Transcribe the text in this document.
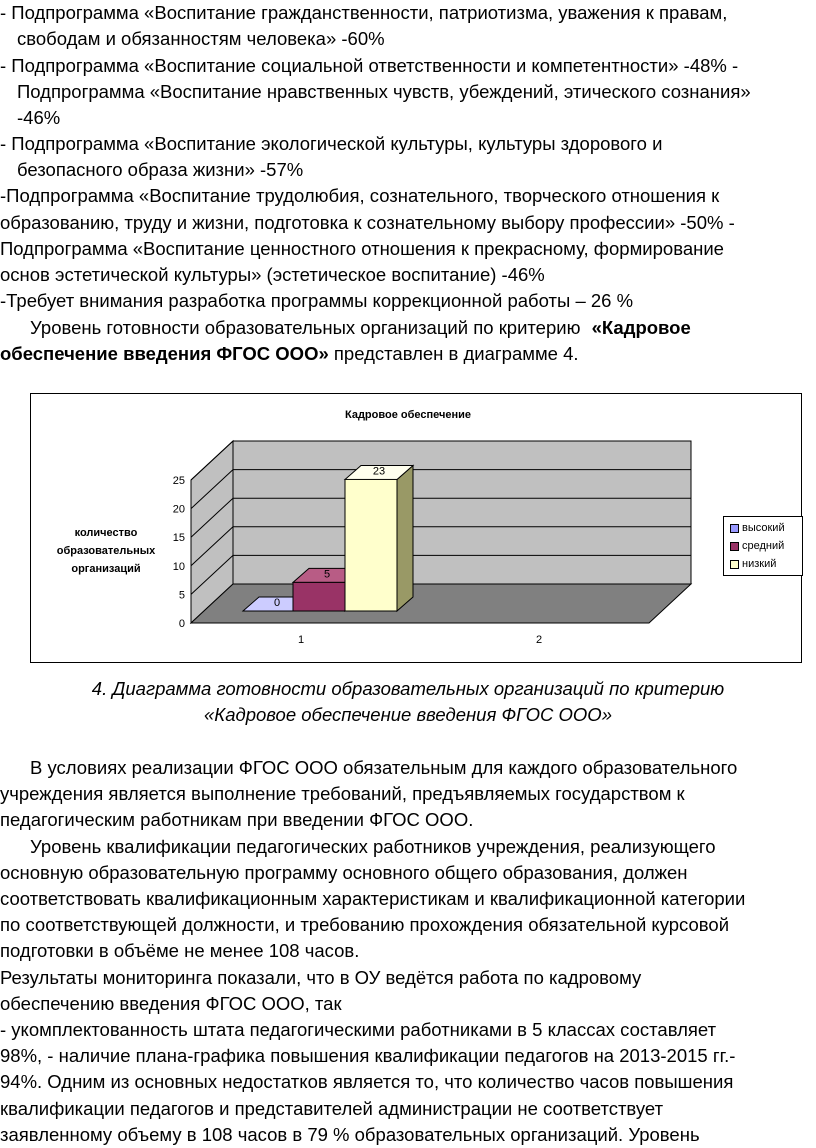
- Подпрограмма «Воспитание гражданственности, патриотизма, уважения к правам,
свободам и обязанностям человека» -60%
- Подпрограмма «Воспитание социальной ответственности и компетентности» -48% -
Подпрограмма «Воспитание нравственных чувств, убеждений, этического сознания»
-46%
- Подпрограмма «Воспитание экологической культуры, культуры здорового и
безопасного образа жизни» -57%
-Подпрограмма «Воспитание трудолюбия, сознательного, творческого отношения к
образованию, труду и жизни, подготовка к сознательному выбору профессии» -50% -
Подпрограмма «Воспитание ценностного отношения к прекрасному, формирование
основ эстетической культуры» (эстетическое воспитание) -46%
-Требует внимания разработка программы коррекционной работы – 26 %
Уровень готовности образовательных организаций по критерию «Кадровое
обеспечение введения ФГОС ООО» представлен в диаграмме 4.
0
5
10
15
20
25
Кадровое обеспечение
количество
образовательных
организаций
1	2
0
5
23
высокий
средний
низкий
4. Диаграмма готовности образовательных организаций по критерию
«Кадровое обеспечение введения ФГОС ООО»
В условиях реализации ФГОС ООО обязательным для каждого образовательного
учреждения является выполнение требований, предъявляемых государством к
педагогическим работникам при введении ФГОС ООО.
Уровень квалификации педагогических работников учреждения, реализующего
основную образовательную программу основного общего образования, должен
соответствовать квалификационным характеристикам и квалификационной категории
по соответствующей должности, и требованию прохождения обязательной курсовой
подготовки в объёме не менее 108 часов.
Результаты мониторинга показали, что в ОУ ведётся работа по кадровому
обеспечению введения ФГОС ООО, так
- укомплектованность штата педагогическими работниками в 5 классах составляет
98%, - наличие плана-графика повышения квалификации педагогов на 2013-2015 гг.-
94%. Одним из основных недостатков является то, что количество часов повышения
квалификации педагогов и представителей администрации не соответствует
заявленному объему в 108 часов в 79 % образовательных организаций. Уровень
